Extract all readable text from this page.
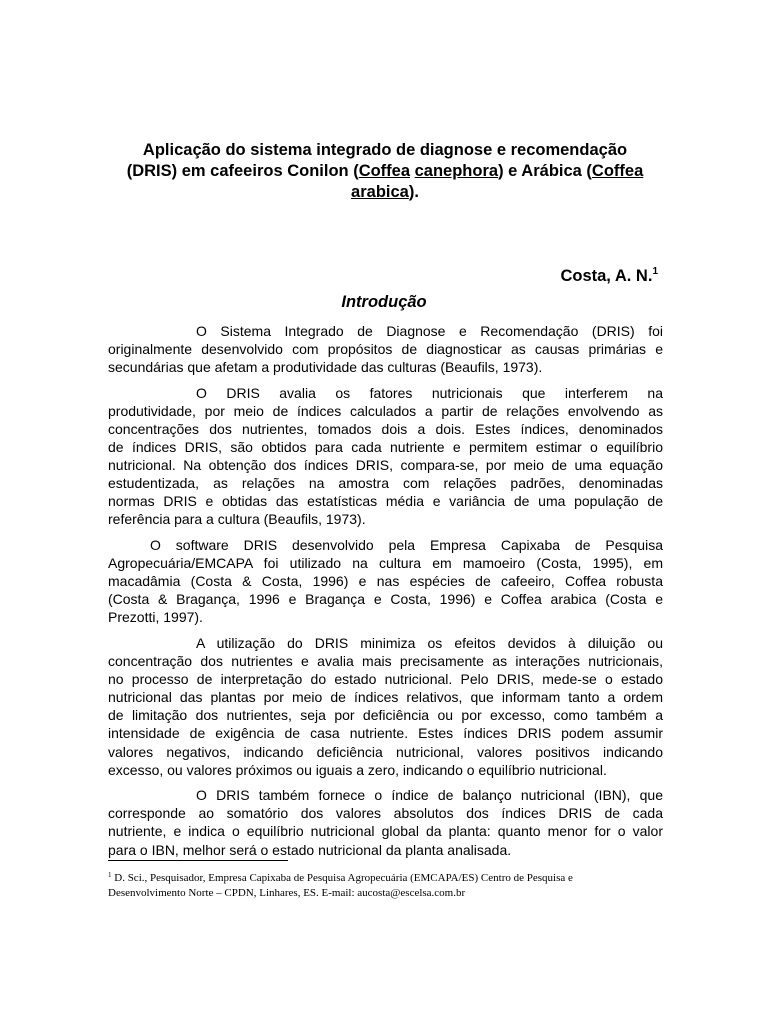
Aplicação do sistema integrado de diagnose e recomendação
(DRIS) em cafeeiros Conilon (Coffea canephora) e Arábica (Coffea
arabica).
Costa, A. N.$^1$
Introdução
O Sistema Integrado de Diagnose e Recomendação (DRIS) foi
originalmente desenvolvido com propósitos de diagnosticar as causas primárias e
secundárias que afetam a produtividade das culturas (Beaufils, 1973).
O DRIS avalia os fatores nutricionais que interferem na
produtividade, por meio de índices calculados a partir de relações envolvendo as
concentrações dos nutrientes, tomados dois a dois. Estes índices, denominados
de índices DRIS, são obtidos para cada nutriente e permitem estimar o equilíbrio
nutricional. Na obtenção dos índices DRIS, compara-se, por meio de uma equação
estudentizada, as relações na amostra com relações padrões, denominadas
normas DRIS e obtidas das estatísticas média e variância de uma população de
referência para a cultura (Beaufils, 1973).
O software DRIS desenvolvido pela Empresa Capixaba de Pesquisa
Agropecuária/EMCAPA foi utilizado na cultura em mamoeiro (Costa, 1995), em
macadâmia (Costa & Costa, 1996) e nas espécies de cafeeiro, Coffea robusta
(Costa & Bragança, 1996 e Bragança e Costa, 1996) e Coffea arabica (Costa e
Prezotti, 1997).
A utilização do DRIS minimiza os efeitos devidos à diluição ou
concentração dos nutrientes e avalia mais precisamente as interações nutricionais,
no processo de interpretação do estado nutricional. Pelo DRIS, mede-se o estado
nutricional das plantas por meio de índices relativos, que informam tanto a ordem
de limitação dos nutrientes, seja por deficiência ou por excesso, como também a
intensidade de exigência de casa nutriente. Estes índices DRIS podem assumir
valores negativos, indicando deficiência nutricional, valores positivos indicando
excesso, ou valores próximos ou iguais a zero, indicando o equilíbrio nutricional.
O DRIS também fornece o índice de balanço nutricional (IBN), que
corresponde ao somatório dos valores absolutos dos índices DRIS de cada
nutriente, e indica o equilíbrio nutricional global da planta: quanto menor for o valor
para o IBN, melhor será o estado nutricional da planta analisada.
$^1$ D. Sci., Pesquisador, Empresa Capixaba de Pesquisa Agropecuária (EMCAPA/ES) Centro de Pesquisa e
Desenvolvimento Norte – CPDN, Linhares, ES. E-mail: aucosta@escelsa.com.br
